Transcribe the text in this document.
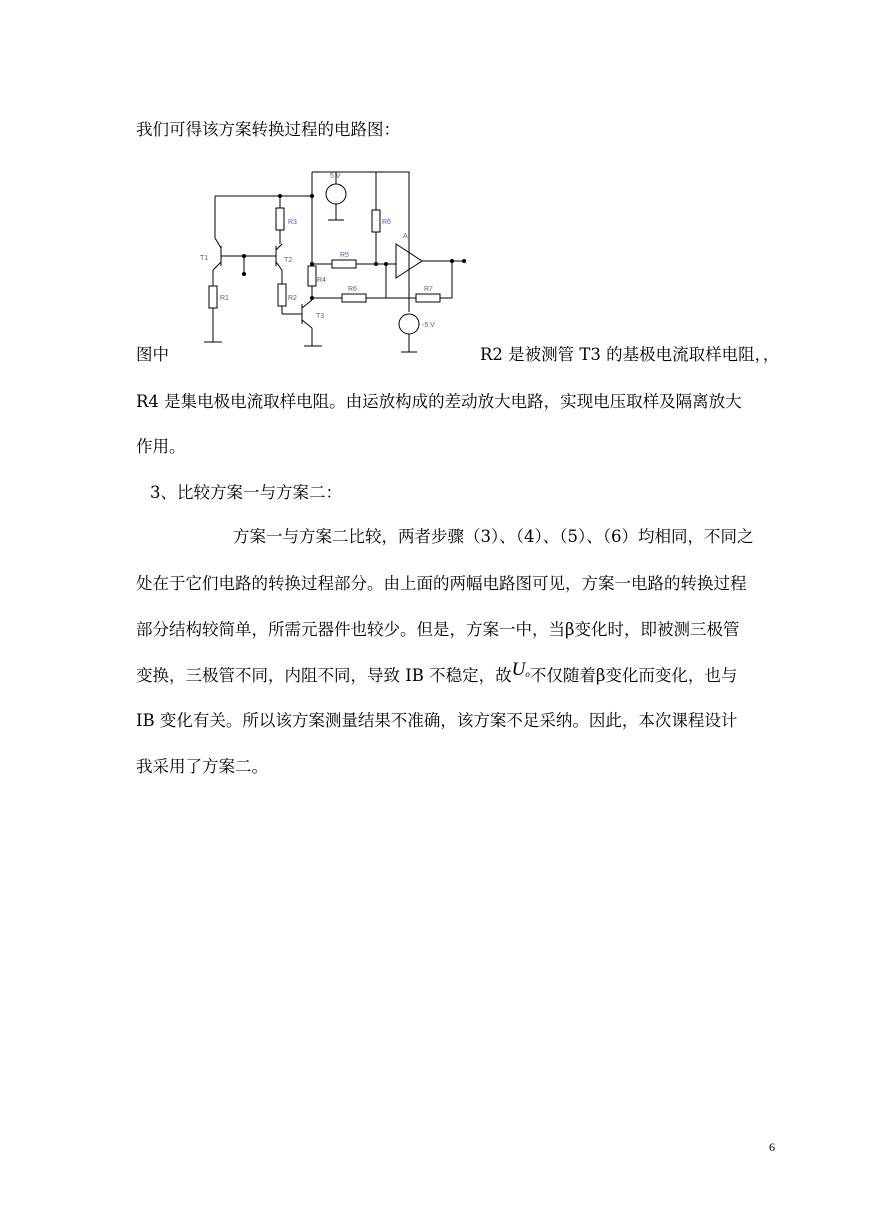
我们可得该方案转换过程的电路图：
T1	T2
T3
R1	R2
R3
R4
R5
R6
R6	R7
5 V
-5 V
A
图中	R2 是被测管 T3 的基极电流取样电阻，，
R4 是集电极电流取样电阻。由运放构成的差动放大电路，实现电压取样及隔离放大
作用。
3、比较方案一与方案二：
方案一与方案二比较，两者步骤（3）、（4）、（5）、（6）均相同，不同之
处在于它们电路的转换过程部分。由上面的两幅电路图可见，方案一电路的转换过程
部分结构较简单，所需元器件也较少。但是，方案一中，当β变化时，即被测三极管
变换，三极管不同，内阻不同，导致 IB 不稳定，故$U_o$不仅随着β变化而变化，也与
IB 变化有关。所以该方案测量结果不准确，该方案不足采纳。因此，本次课程设计
我采用了方案二。
6
